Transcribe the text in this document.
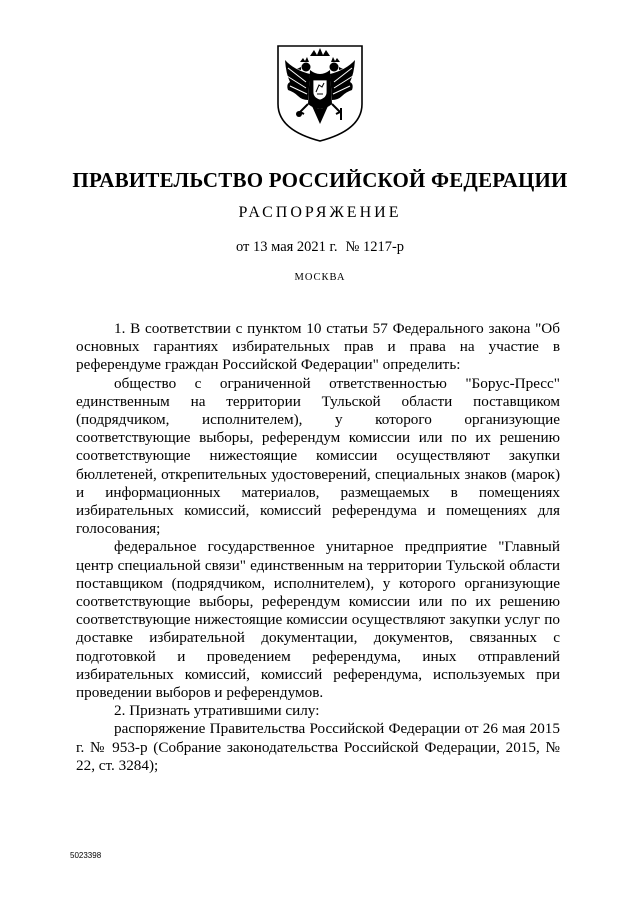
ПРАВИТЕЛЬСТВО РОССИЙСКОЙ ФЕДЕРАЦИИ
РАСПОРЯЖЕНИЕ
от 13 мая 2021 г. № 1217-р
МОСКВА

1. В соответствии с пунктом 10 статьи 57 Федерального закона "Об основных гарантиях избирательных прав и права на участие в референдуме граждан Российской Федерации" определить:

общество с ограниченной ответственностью "Борус-Пресс" единственным на территории Тульской области поставщиком (подрядчиком, исполнителем), у которого организующие соответствующие выборы, референдум комиссии или по их решению соответствующие нижестоящие комиссии осуществляют закупки бюллетеней, открепительных удостоверений, специальных знаков (марок) и информационных материалов, размещаемых в помещениях избирательных комиссий, комиссий референдума и помещениях для голосования;

федеральное государственное унитарное предприятие "Главный центр специальной связи" единственным на территории Тульской области поставщиком (подрядчиком, исполнителем), у которого организующие соответствующие выборы, референдум комиссии или по их решению соответствующие нижестоящие комиссии осуществляют закупки услуг по доставке избирательной документации, документов, связанных с подготовкой и проведением референдума, иных отправлений избирательных комиссий, комиссий референдума, используемых при проведении выборов и референдумов.

2. Признать утратившими силу:

распоряжение Правительства Российской Федерации от 26 мая 2015 г. № 953-р (Собрание законодательства Российской Федерации, 2015, № 22, ст. 3284);

5023398
